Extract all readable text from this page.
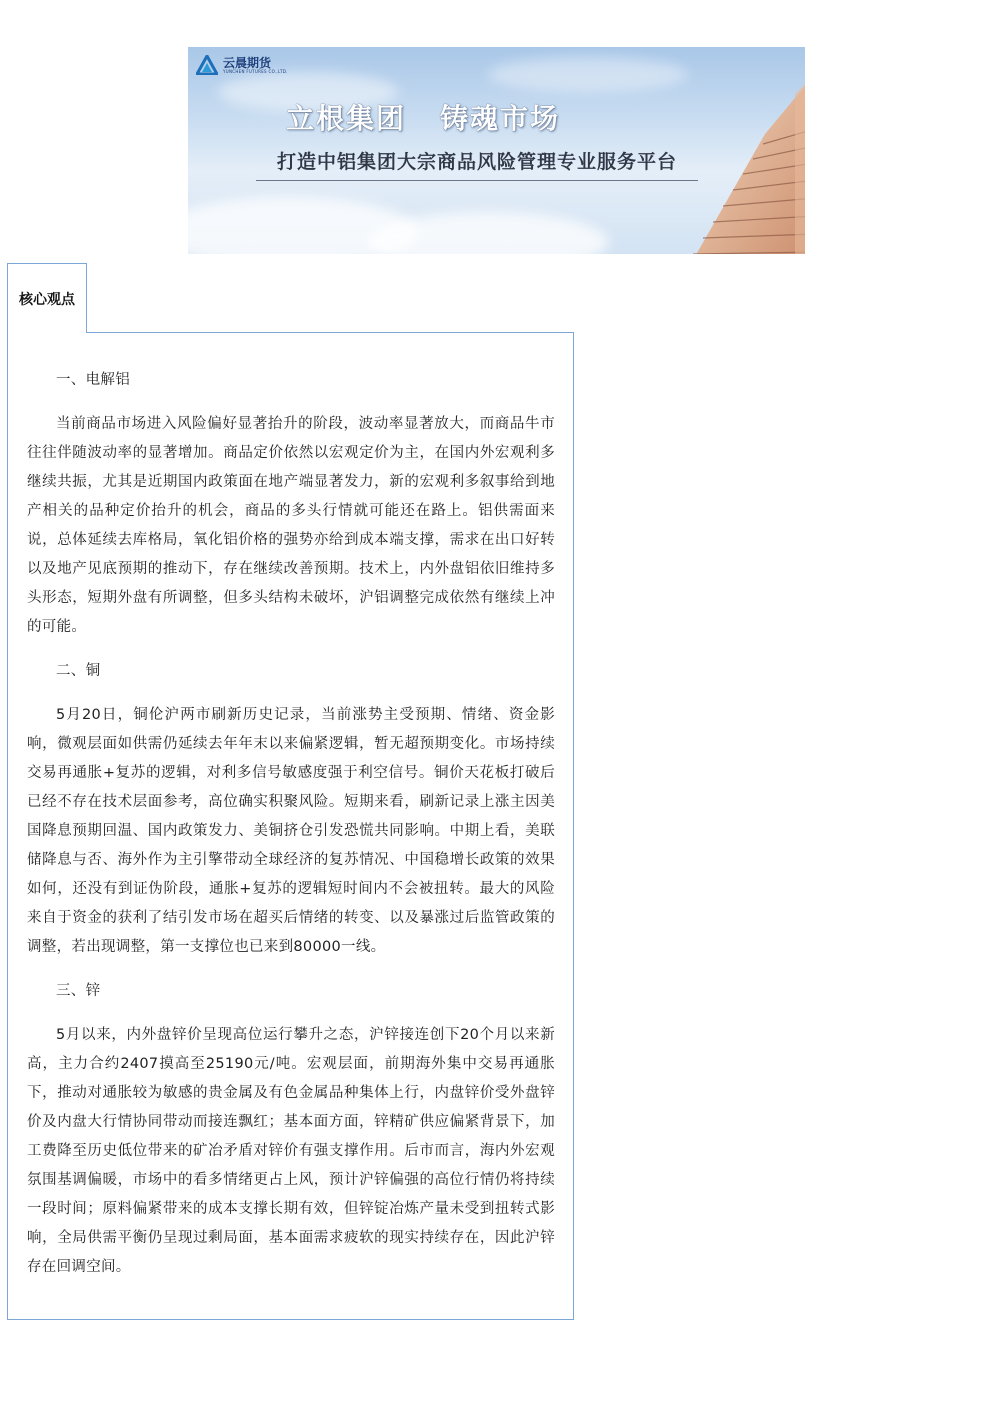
云晨期货
YUNCHEN FUTURES CO.,LTD.
立根集团 铸魂市场
打造中铝集团大宗商品风险管理专业服务平台
核心观点
一、电解铝
当前商品市场进入风险偏好显著抬升的阶段，波动率显著放大，而商品牛市往往伴随波动率的显著增加。商品定价依然以宏观定价为主，在国内外宏观利多继续共振，尤其是近期国内政策面在地产端显著发力，新的宏观利多叙事给到地产相关的品种定价抬升的机会，商品的多头行情就可能还在路上。铝供需面来说，总体延续去库格局，氧化铝价格的强势亦给到成本端支撑，需求在出口好转以及地产见底预期的推动下，存在继续改善预期。技术上，内外盘铝依旧维持多头形态，短期外盘有所调整，但多头结构未破坏，沪铝调整完成依然有继续上冲的可能。
二、铜
5月20日，铜伦沪两市刷新历史记录，当前涨势主受预期、情绪、资金影响，微观层面如供需仍延续去年年末以来偏紧逻辑，暂无超预期变化。市场持续交易再通胀+复苏的逻辑，对利多信号敏感度强于利空信号。铜价天花板打破后已经不存在技术层面参考，高位确实积聚风险。短期来看，刷新记录上涨主因美国降息预期回温、国内政策发力、美铜挤仓引发恐慌共同影响。中期上看，美联储降息与否、海外作为主引擎带动全球经济的复苏情况、中国稳增长政策的效果如何，还没有到证伪阶段，通胀+复苏的逻辑短时间内不会被扭转。最大的风险来自于资金的获利了结引发市场在超买后情绪的转变、以及暴涨过后监管政策的调整，若出现调整，第一支撑位也已来到80000一线。
三、锌
5月以来，内外盘锌价呈现高位运行攀升之态，沪锌接连创下20个月以来新高，主力合约2407摸高至25190元/吨。宏观层面，前期海外集中交易再通胀下，推动对通胀较为敏感的贵金属及有色金属品种集体上行，内盘锌价受外盘锌价及内盘大行情协同带动而接连飘红；基本面方面，锌精矿供应偏紧背景下，加工费降至历史低位带来的矿冶矛盾对锌价有强支撑作用。后市而言，海内外宏观氛围基调偏暖，市场中的看多情绪更占上风，预计沪锌偏强的高位行情仍将持续一段时间；原料偏紧带来的成本支撑长期有效，但锌锭冶炼产量未受到扭转式影响，全局供需平衡仍呈现过剩局面，基本面需求疲软的现实持续存在，因此沪锌存在回调空间。
